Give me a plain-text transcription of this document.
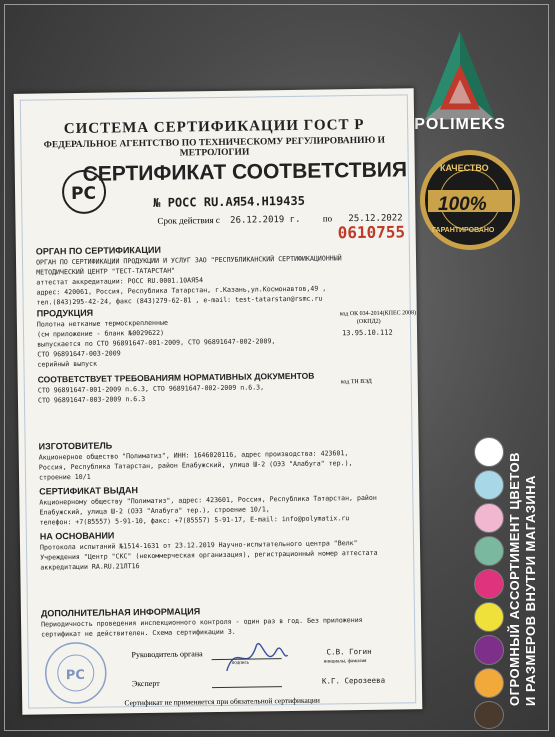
POLIMEKS
СИСТЕМА СЕРТИФИКАЦИИ ГОСТ Р
ФЕДЕРАЛЬНОЕ АГЕНТСТВО ПО ТЕХНИЧЕСКОМУ РЕГУЛИРОВАНИЮ И МЕТРОЛОГИИ
PC
СЕРТИФИКАТ СООТВЕТСТВИЯ
№ РОСС RU.АЯ54.Н19435
Срок действия с 26.12.2019 г. по 25.12.2022
0610755
ОРГАН ПО СЕРТИФИКАЦИИ
ОРГАН ПО СЕРТИФИКАЦИИ ПРОДУКЦИИ И УСЛУГ ЗАО "РЕСПУБЛИКАНСКИЙ СЕРТИФИКАЦИОННЫЙ
МЕТОДИЧЕСКИЙ ЦЕНТР "ТЕСТ-ТАТАРСТАН"
аттестат аккредитации: РОСС RU.0001.10АЯ54
адрес: 420061, Россия, Республика Татарстан, г.Казань,ул.Космонавтов,49 ,
тел.(843)295-42-24, факс (843)279-62-81 , e-mail: test-tatarstan@rsmc.ru
ПРОДУКЦИЯ
Полотна нетканые термоскрепленные
(см приложение - бланк №0029622)
выпускается по СТО 96891647-001-2009, СТО 96891647-002-2009,
СТО 96891647-003-2009
серийный выпуск
код ОК 034-2014(КПЕС 2008)
(ОКПД2)
13.95.10.112
СООТВЕТСТВУЕТ ТРЕБОВАНИЯМ НОРМАТИВНЫХ ДОКУМЕНТОВ
СТО 96891647-001-2009 п.6.3, СТО 96891647-002-2009 п.6.3,
СТО 96891647-003-2009 п.6.3
код ТН ВЭД
ИЗГОТОВИТЕЛЬ
Акционерное общество "Полиматиз", ИНН: 1646020116, адрес производства: 423601,
Россия, Республика Татарстан, район Елабужский, улица Ш-2 (ОЭЗ "Алабуга" тер.),
строение 10/1
СЕРТИФИКАТ ВЫДАН
Акционерному обществу "Полиматиз", адрес: 423601, Россия, Республика Татарстан, район
Елабужский, улица Ш-2 (ОЭЗ "Алабуга" тер.), строение 10/1,
телефон: +7(85557) 5-91-10, факс: +7(85557) 5-91-17, E-mail: info@polymatix.ru
НА ОСНОВАНИИ
Протокола испытаний №1514-1631 от 23.12.2019 Научно-испытательного центра "Велк"
Учреждения "Центр "СКС" (некоммерческая организация), регистрационный номер аттестата
аккредитации RA.RU.21ЛТ16
ДОПОЛНИТЕЛЬНАЯ ИНФОРМАЦИЯ
Периодичность проведения инспекционного контроля - один раз в год. Без приложения
сертификат не действителен. Схема сертификации 3.
PC
Руководитель органа
подпись
С.В. Гогин
инициалы, фамилия
Эксперт	К.Г. Серозеева
Сертификат не применяется при обязательной сертификации
КАЧЕСТВО
100%
ГАРАНТИРОВАНО
ОГРОМНЫЙ АССОРТИМЕНТ ЦВЕТОВ И РАЗМЕРОВ ВНУТРИ МАГАЗИНА
